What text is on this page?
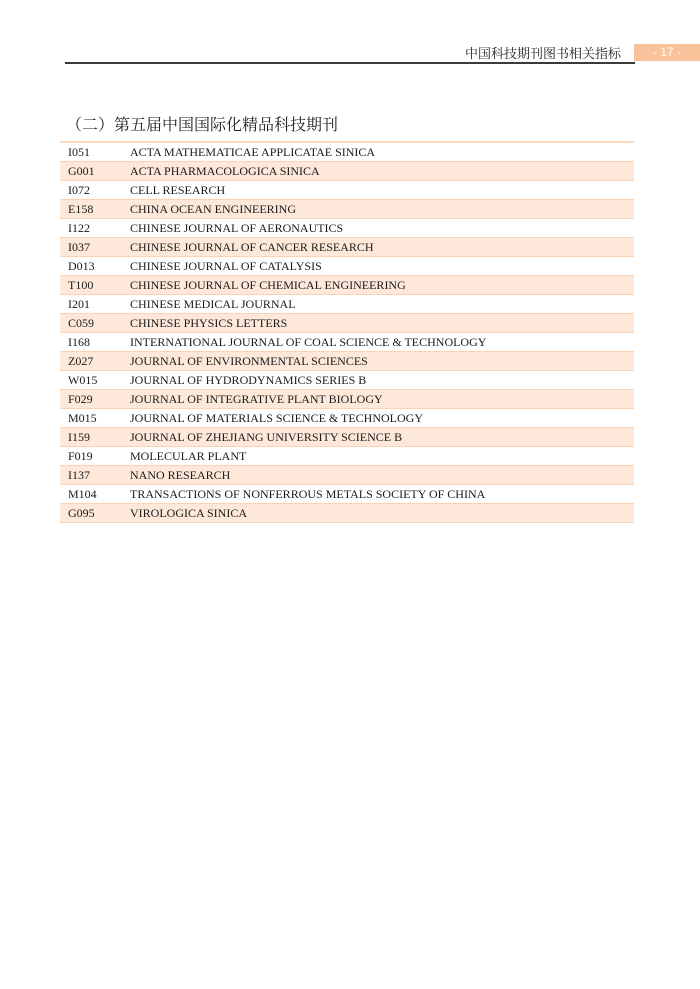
中国科技期刊图书相关指标	- 17 -
（二）第五届中国国际化精品科技期刊
I051	ACTA MATHEMATICAE APPLICATAE SINICA
G001	ACTA PHARMACOLOGICA SINICA
I072	CELL RESEARCH
E158	CHINA OCEAN ENGINEERING
I122	CHINESE JOURNAL OF AERONAUTICS
I037	CHINESE JOURNAL OF CANCER RESEARCH
D013	CHINESE JOURNAL OF CATALYSIS
T100	CHINESE JOURNAL OF CHEMICAL ENGINEERING
I201	CHINESE MEDICAL JOURNAL
C059	CHINESE PHYSICS LETTERS
I168	INTERNATIONAL JOURNAL OF COAL SCIENCE & TECHNOLOGY
Z027	JOURNAL OF ENVIRONMENTAL SCIENCES
W015	JOURNAL OF HYDRODYNAMICS SERIES B
F029	JOURNAL OF INTEGRATIVE PLANT BIOLOGY
M015	JOURNAL OF MATERIALS SCIENCE & TECHNOLOGY
I159	JOURNAL OF ZHEJIANG UNIVERSITY SCIENCE B
F019	MOLECULAR PLANT
I137	NANO RESEARCH
M104	TRANSACTIONS OF NONFERROUS METALS SOCIETY OF CHINA
G095	VIROLOGICA SINICA
